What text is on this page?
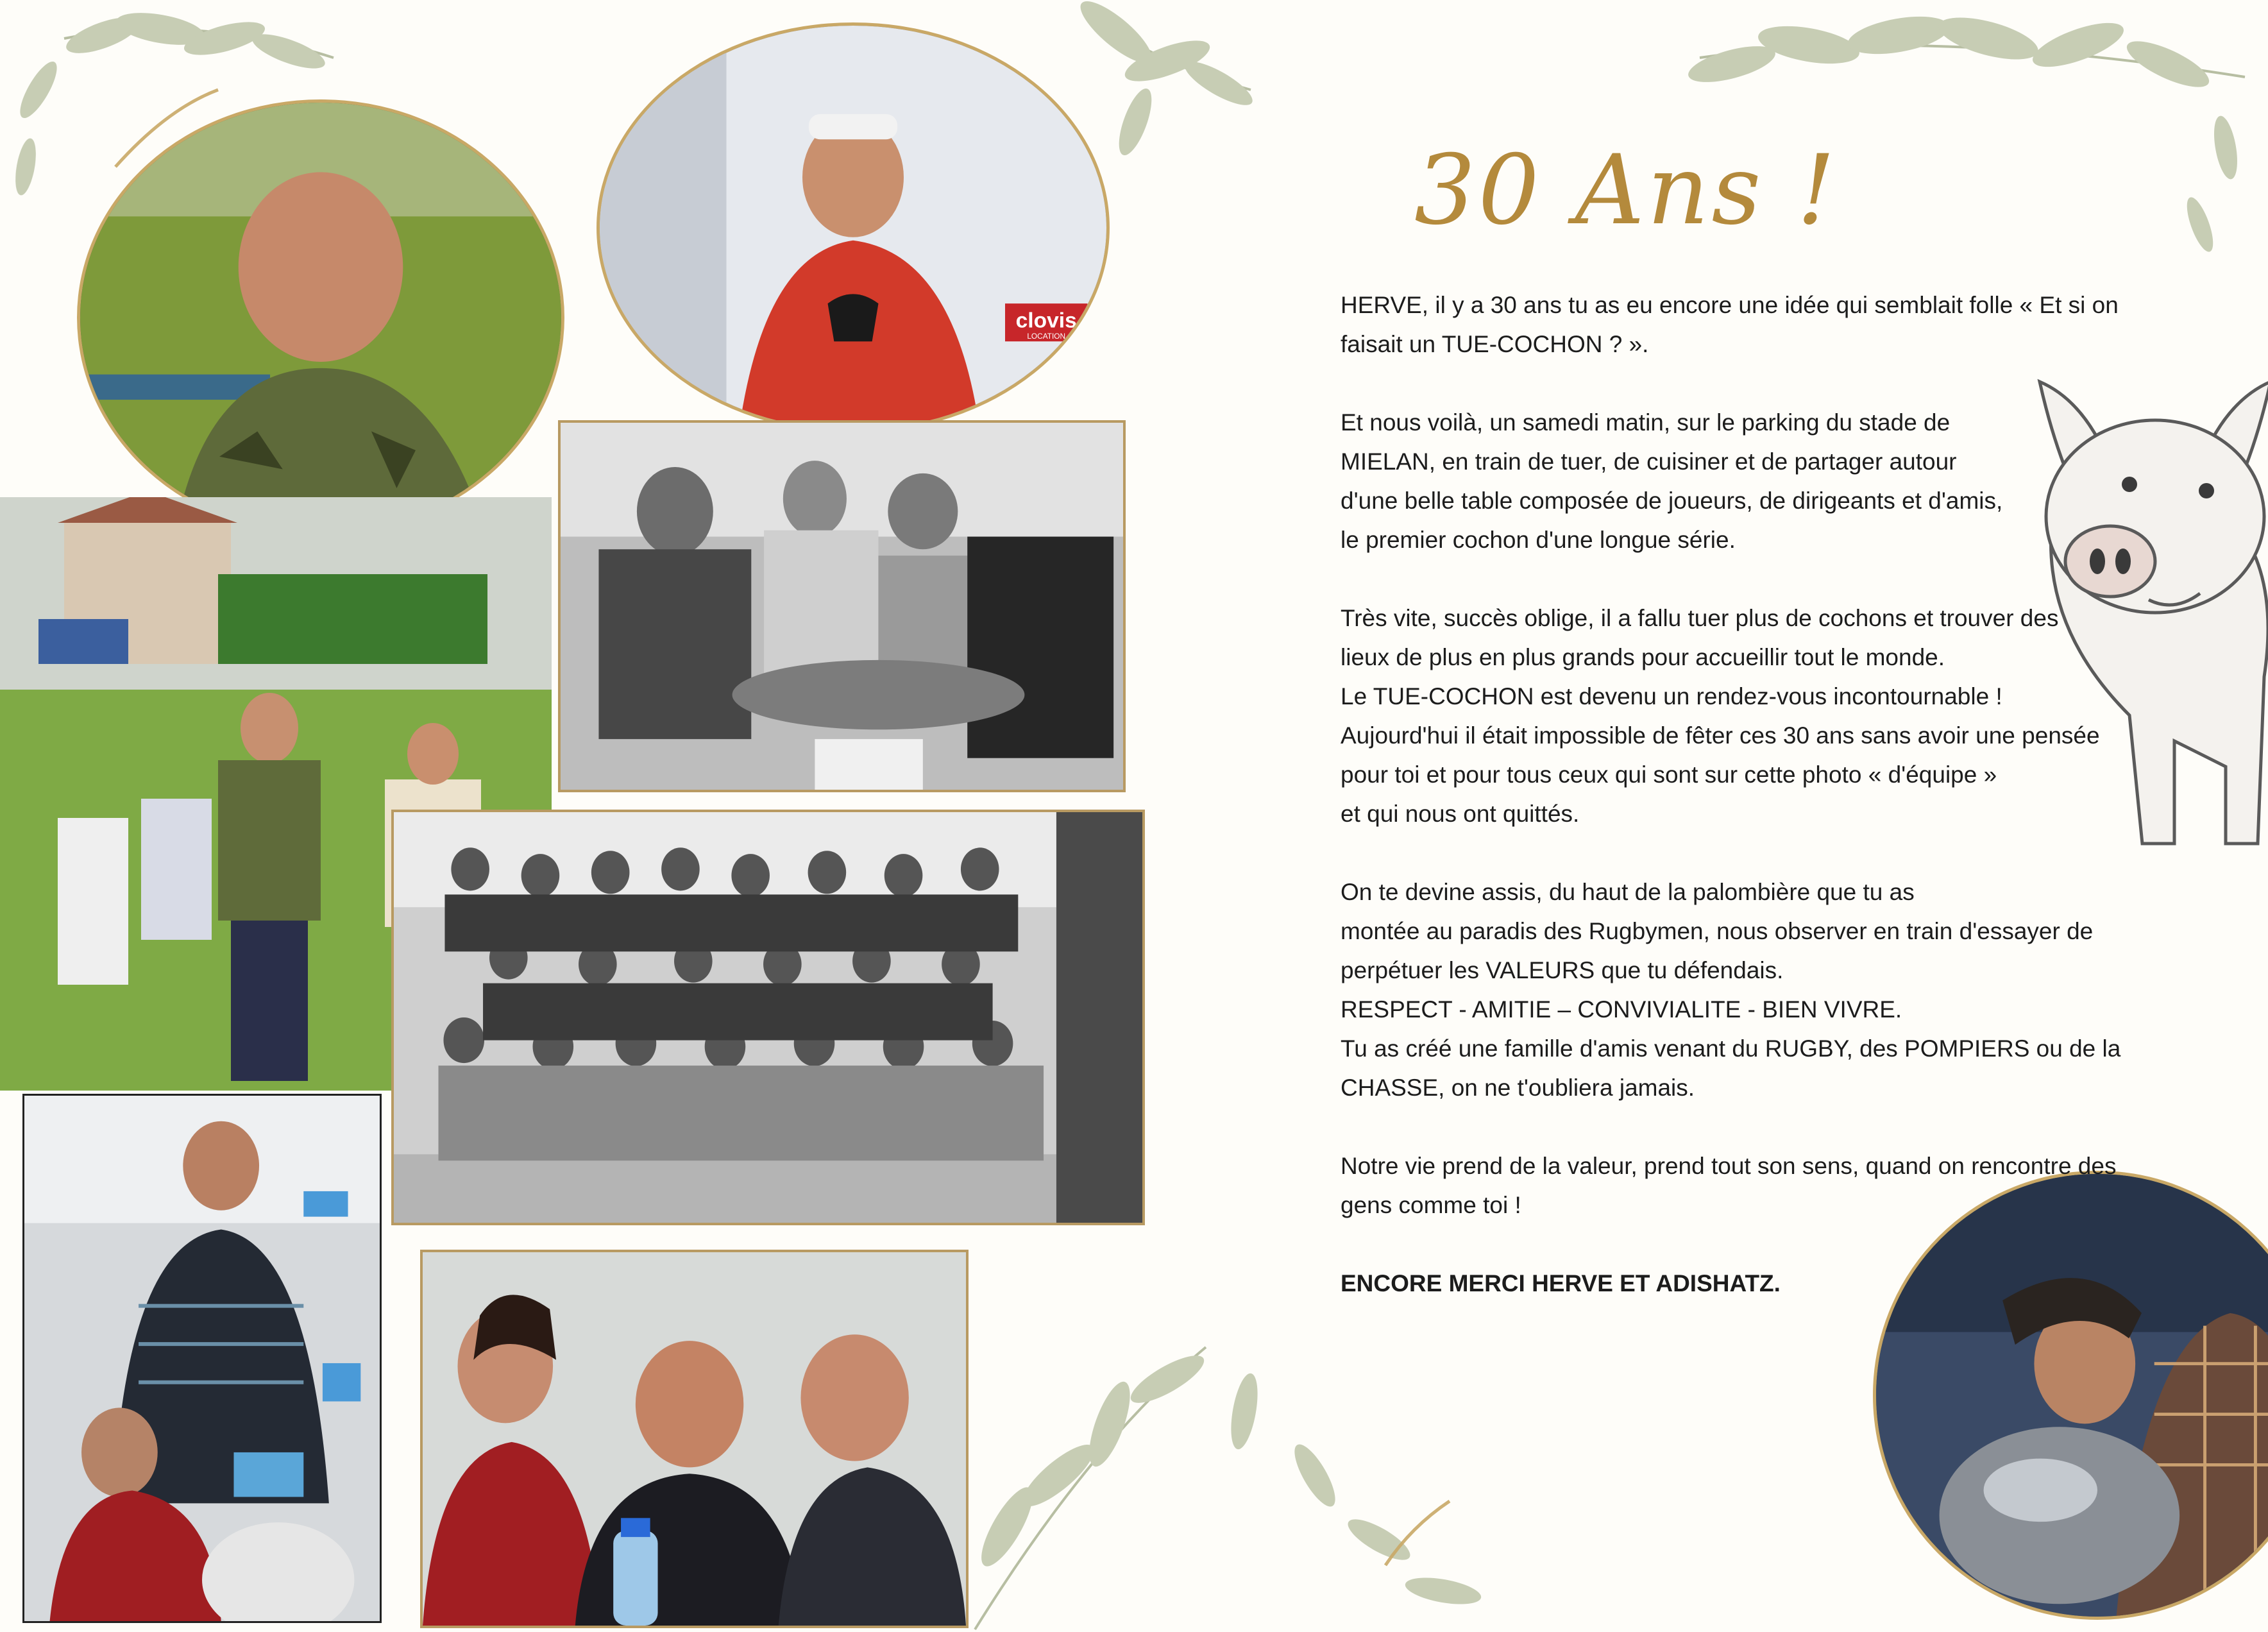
clovis
LOCATION
30 Ans !

HERVE, il y a 30 ans tu as eu encore une idée qui semblait folle « Et si on

faisait un TUE-COCHON ? ».

Et nous voilà, un samedi matin, sur le parking du stade de

MIELAN, en train de tuer, de cuisiner et de partager autour

d'une belle table composée de joueurs, de dirigeants et d'amis,

le premier cochon d'une longue série.

Très vite, succès oblige, il a fallu tuer plus de cochons et trouver des

lieux de plus en plus grands pour accueillir tout le monde.

Le TUE-COCHON est devenu un rendez-vous incontournable !

Aujourd'hui il était impossible de fêter ces 30 ans sans avoir une pensée

pour toi et pour tous ceux qui sont sur cette photo « d'équipe »

et qui nous ont quittés.

On te devine assis, du haut de la palombière que tu as

montée au paradis des Rugbymen, nous observer en train d'essayer de

perpétuer les VALEURS que tu défendais.

RESPECT - AMITIE – CONVIVIALITE - BIEN VIVRE.

Tu as créé une famille d'amis venant du RUGBY, des POMPIERS ou de la

CHASSE, on ne t'oubliera jamais.

Notre vie prend de la valeur, prend tout son sens, quand on rencontre des

gens comme toi !

ENCORE MERCI HERVE ET ADISHATZ.
